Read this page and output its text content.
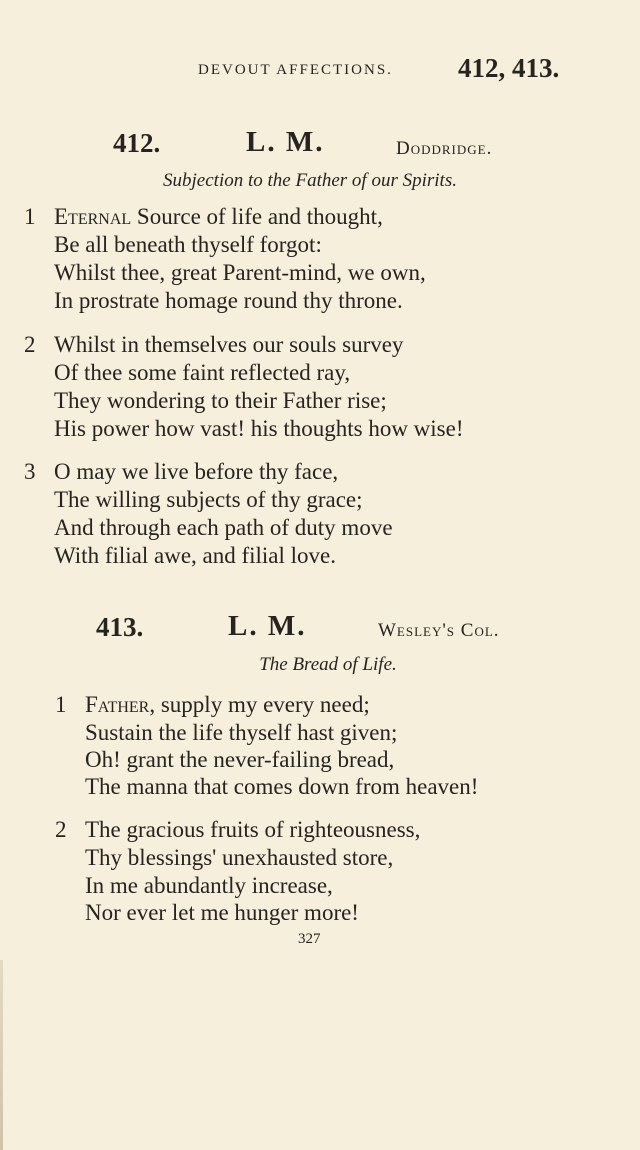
DEVOUT AFFECTIONS. 412, 413.
412.	L. M.	Doddridge.
Subjection to the Father of our Spirits.
1 Eternal Source of life and thought,
Be all beneath thyself forgot:
Whilst thee, great Parent-mind, we own,
In prostrate homage round thy throne.
2 Whilst in themselves our souls survey
Of thee some faint reflected ray,
They wondering to their Father rise;
His power how vast! his thoughts how wise!
3 O may we live before thy face,
The willing subjects of thy grace;
And through each path of duty move
With filial awe, and filial love.
413.	L. M.	Wesley's Col.
The Bread of Life.
1 Father, supply my every need;
Sustain the life thyself hast given;
Oh! grant the never-failing bread,
The manna that comes down from heaven!
2 The gracious fruits of righteousness,
Thy blessings' unexhausted store,
In me abundantly increase,
Nor ever let me hunger more!
327
